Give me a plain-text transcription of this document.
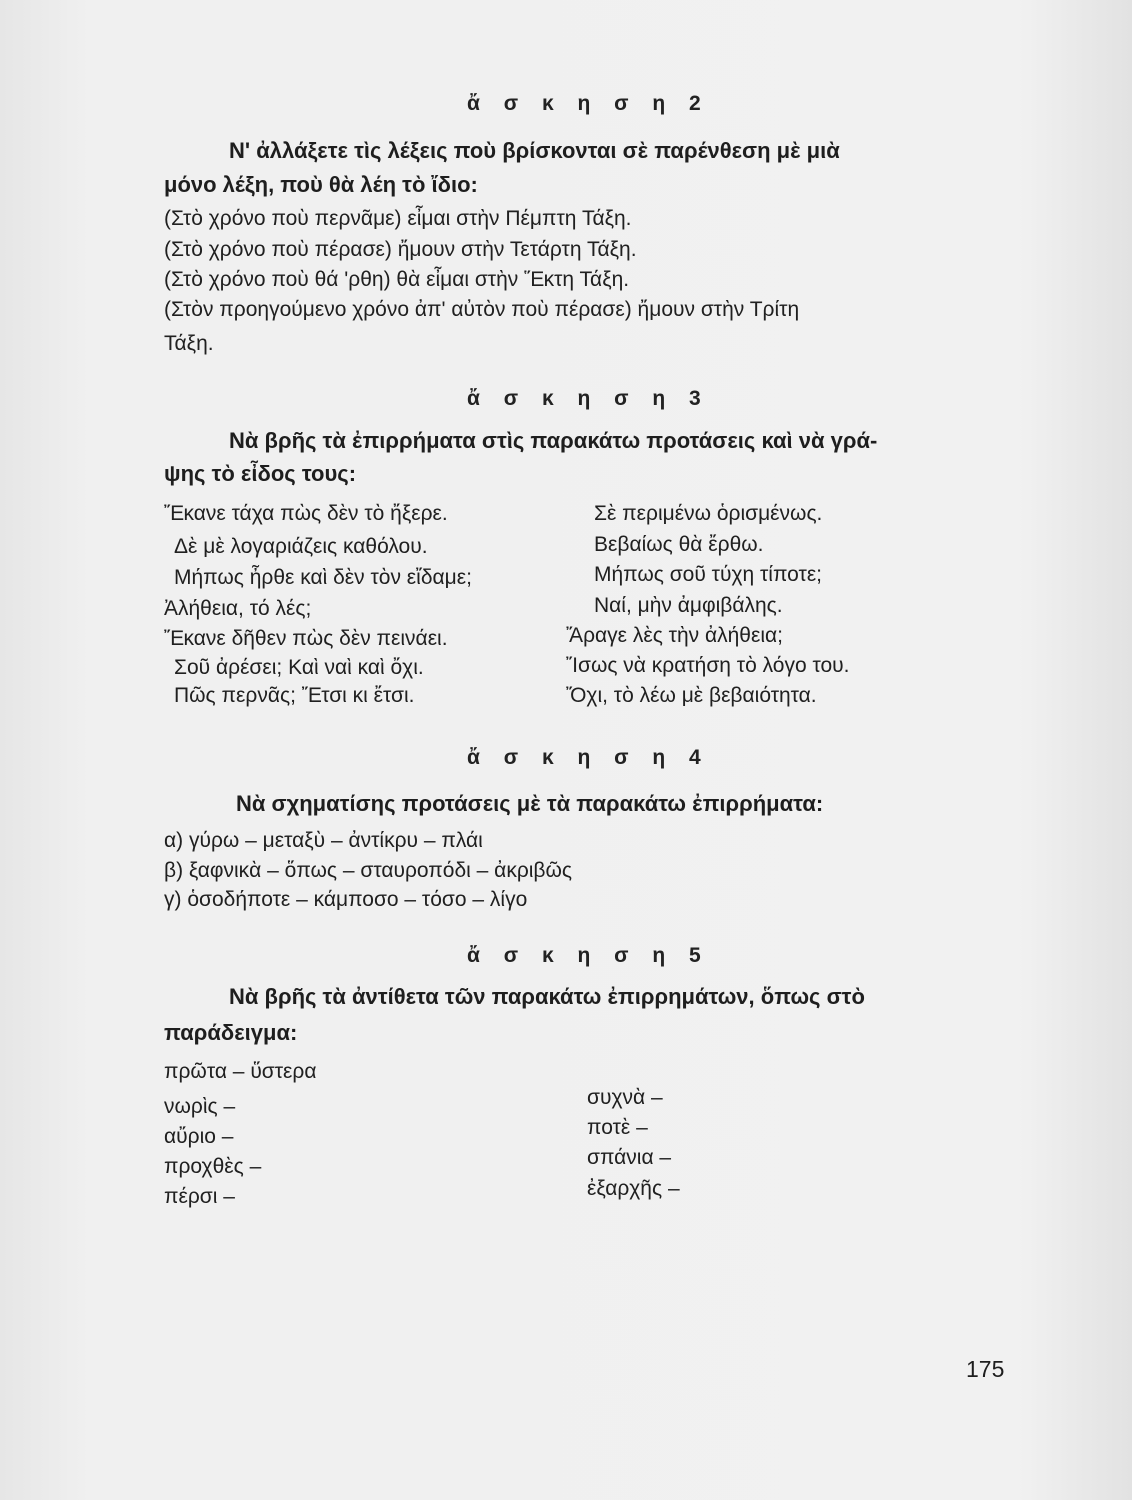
ἄ σ κ η σ η 2
Ν' ἀλλάξετε τὶς λέξεις ποὺ βρίσκονται σὲ παρένθεση μὲ μιὰ
μόνο λέξη, ποὺ θὰ λέη τὸ ἴδιο:
(Στὸ χρόνο ποὺ περνᾶμε) εἶμαι στὴν Πέμπτη Τάξη.
(Στὸ χρόνο ποὺ πέρασε) ἤμουν στὴν Τετάρτη Τάξη.
(Στὸ χρόνο ποὺ θά 'ρθη) θὰ εἶμαι στὴν Ἕκτη Τάξη.
(Στὸν προηγούμενο χρόνο ἀπ' αὐτὸν ποὺ πέρασε) ἤμουν στὴν Τρίτη
Τάξη.
ἄ σ κ η σ η 3
Νὰ βρῆς τὰ ἐπιρρήματα στὶς παρακάτω προτάσεις καὶ νὰ γρά-
ψης τὸ εἶδος τους:
Ἔκανε τάχα πὼς δὲν τὸ ἤξερε.
Δὲ μὲ λογαριάζεις καθόλου.
Μήπως ἦρθε καὶ δὲν τὸν εἴδαμε;
Ἀλήθεια, τό λές;
Ἔκανε δῆθεν πὼς δὲν πεινάει.
Σοῦ ἀρέσει; Καὶ ναὶ καὶ ὄχι.
Πῶς περνᾶς; Ἔτσι κι ἔτσι.
Σὲ περιμένω ὁρισμένως.
Βεβαίως θὰ ἔρθω.
Μήπως σοῦ τύχη τίποτε;
Ναί, μὴν ἀμφιβάλης.
Ἄραγε λὲς τὴν ἀλήθεια;
Ἴσως νὰ κρατήση τὸ λόγο του.
Ὄχι, τὸ λέω μὲ βεβαιότητα.
ἄ σ κ η σ η 4
Νὰ σχηματίσης προτάσεις μὲ τὰ παρακάτω ἐπιρρήματα:
α) γύρω – μεταξὺ – ἀντίκρυ – πλάι
β) ξαφνικὰ – ὅπως – σταυροπόδι – ἀκριβῶς
γ) ὁσοδήποτε – κάμποσο – τόσο – λίγο
ἄ σ κ η σ η 5
Νὰ βρῆς τὰ ἀντίθετα τῶν παρακάτω ἐπιρρημάτων, ὅπως στὸ
παράδειγμα:
πρῶτα – ὕστερα
νωρὶς –
αὔριο –
προχθὲς –
πέρσι –
συχνὰ –
ποτὲ –
σπάνια –
ἐξαρχῆς –
175
